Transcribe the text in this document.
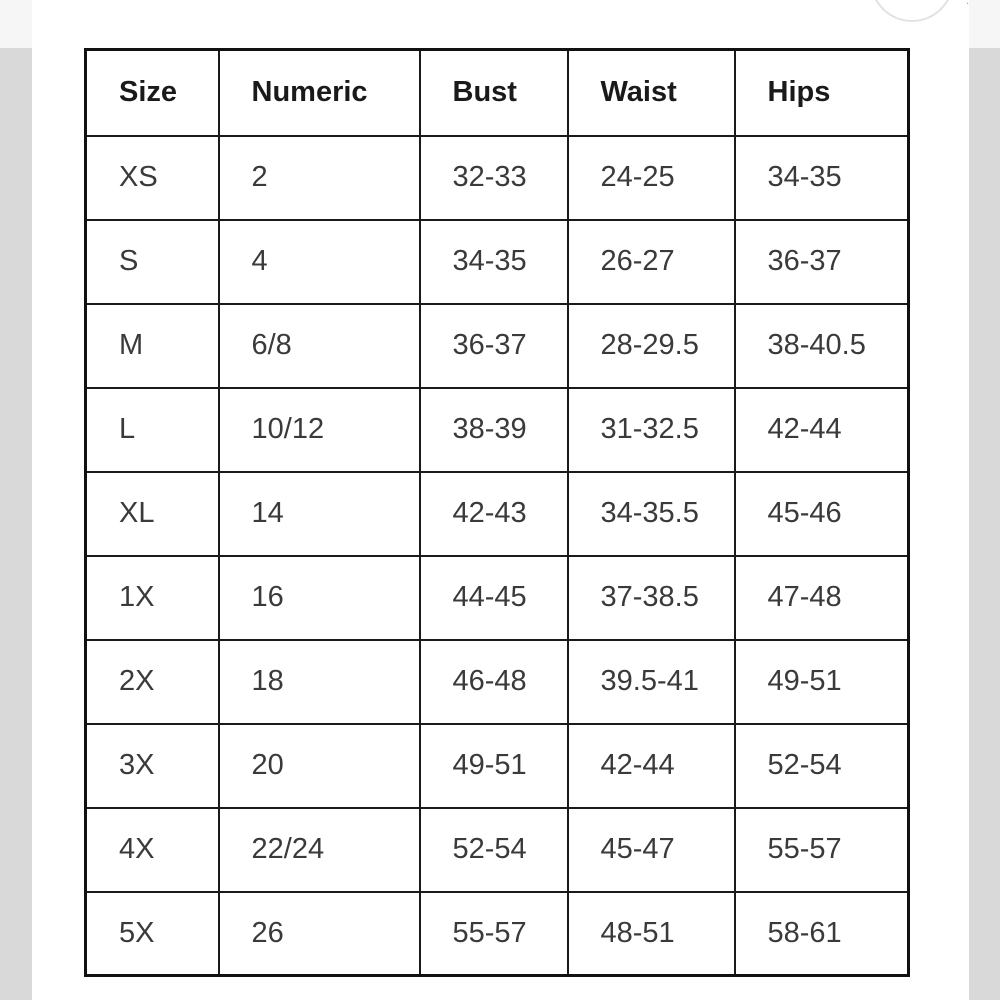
·
Size	Numeric	Bust	Waist	Hips
XS	2	32-33	24-25	34-35
S	4	34-35	26-27	36-37
M	6/8	36-37	28-29.5	38-40.5
L	10/12	38-39	31-32.5	42-44
XL	14	42-43	34-35.5	45-46
1X	16	44-45	37-38.5	47-48
2X	18	46-48	39.5-41	49-51
3X	20	49-51	42-44	52-54
4X	22/24	52-54	45-47	55-57
5X	26	55-57	48-51	58-61
